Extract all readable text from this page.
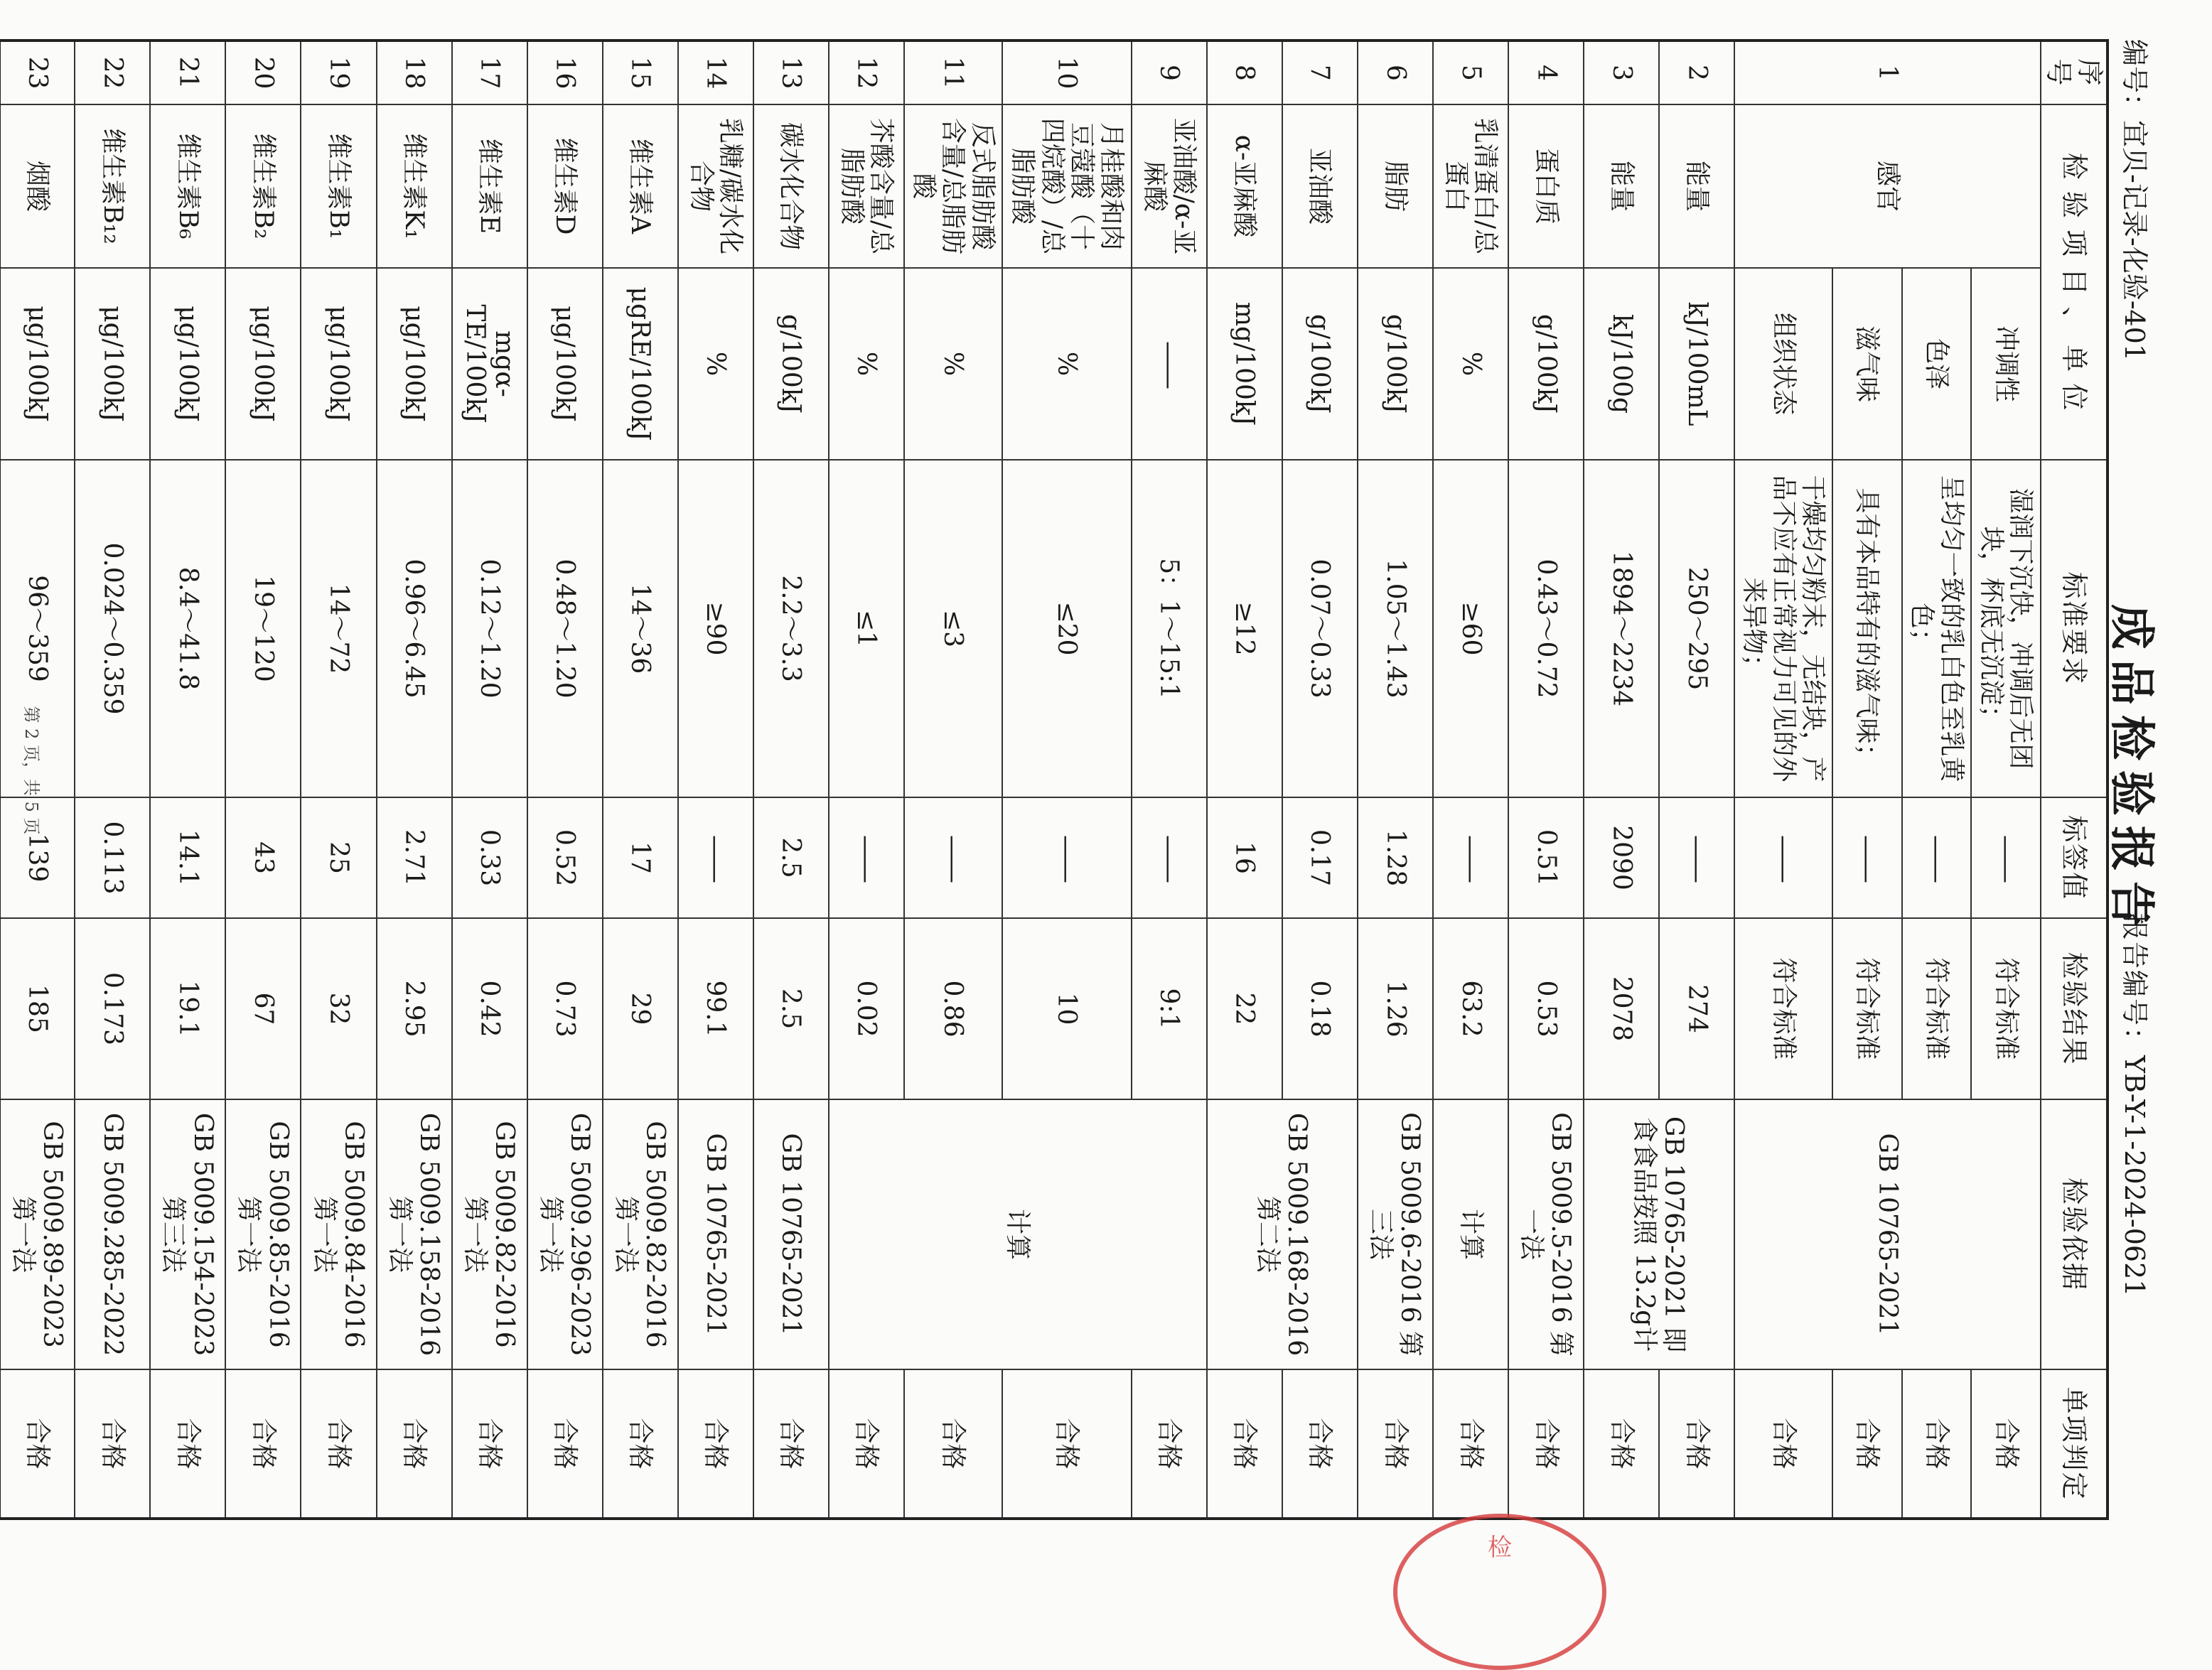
成品检验报告
编号：宜贝-记录-化验-401
报告编号：YB-Y-1-2024-0621
序号	检 验 项 目 、 单 位		标准要求	标签值	检验结果	检验依据	单项判定
1	感官	冲调性	湿润下沉快，冲调后无团块，杯底无沉淀；	——	符合标准	GB 10765-2021	合格
		色泽	呈均匀一致的乳白色至乳黄色；	——	符合标准		合格
		滋气味	具有本品特有的滋气味；	——	符合标准		合格
		组织状态	干燥均匀粉末，无结块，产品不应有正常视力可见的外来异物；	——	符合标准		合格
2	能量	kJ/100mL	250～295	——	274	GB 10765-2021 即食食品按照 13.2g计	合格
3	能量	kJ/100g	1894～2234	2090	2078		合格
4	蛋白质	g/100kJ	0.43～0.72	0.51	0.53	GB 5009.5-2016 第一法	合格
5	乳清蛋白/总蛋白	%	≥60	——	63.2	计算	合格
6	脂肪	g/100kJ	1.05～1.43	1.28	1.26	GB 5009.6-2016 第三法	合格
7	亚油酸	g/100kJ	0.07～0.33	0.17	0.18	GB 5009.168-2016 第二法	合格
8	α-亚麻酸	mg/100kJ	≥12	16	22		合格
9	亚油酸/α-亚麻酸	——	5：1～15:1	——	9:1	计算	合格
10	月桂酸和肉豆蔻酸（十四烷酸）/总脂肪酸	%	≤20	——	10		合格
11	反式脂肪酸含量/总脂肪酸	%	≤3	——	0.86		合格
12	芥酸含量/总脂肪酸	%	≤1	——	0.02		合格
13	碳水化合物	g/100kJ	2.2～3.3	2.5	2.5	GB 10765-2021	合格
14	乳糖/碳水化合物	%	≥90	——	99.1	GB 10765-2021	合格
15	维生素A	μgRE/100kJ	14～36	17	29	GB 5009.82-2016 第一法	合格
16	维生素D	μg/100kJ	0.48～1.20	0.52	0.73	GB 5009.296-2023 第一法	合格
17	维生素E	mgα-TE/100kJ	0.12～1.20	0.33	0.42	GB 5009.82-2016 第一法	合格
18	维生素K₁	μg/100kJ	0.96～6.45	2.71	2.95	GB 5009.158-2016 第一法	合格
19	维生素B₁	μg/100kJ	14～72	25	32	GB 5009.84-2016 第一法	合格
20	维生素B₂	μg/100kJ	19～120	43	67	GB 5009.85-2016 第一法	合格
21	维生素B₆	μg/100kJ	8.4～41.8	14.1	19.1	GB 5009.154-2023 第三法	合格
22	维生素B₁₂	μg/100kJ	0.024～0.359	0.113	0.173	GB 5009.285-2022	合格
23	烟酸	μg/100kJ	96～359	139	185	GB 5009.89-2023 第一法	合格
第 2 页，共 5 页
检
